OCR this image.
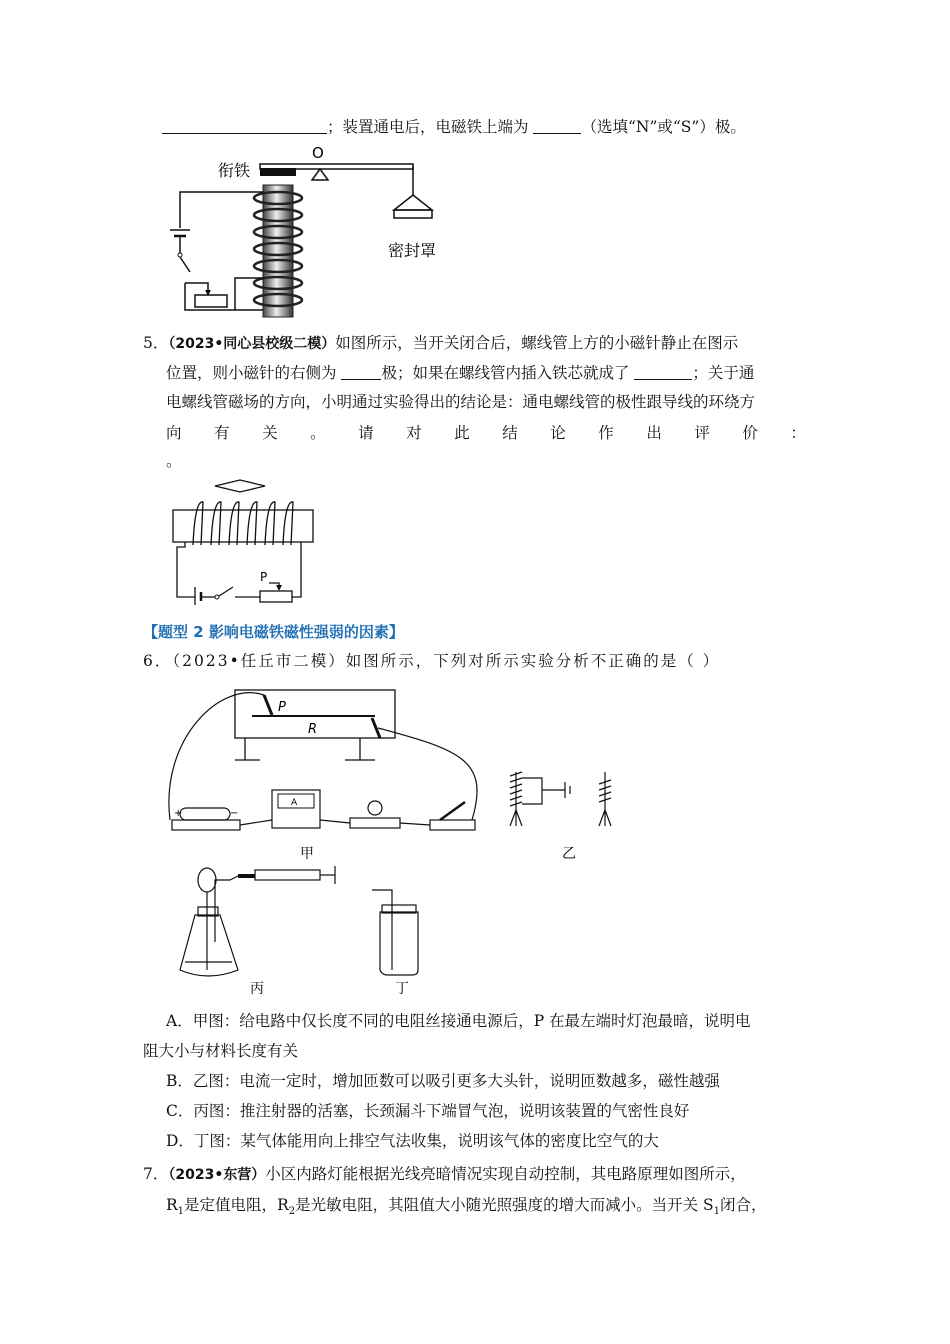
；装置通电后，电磁铁上端为	（选填“N”或“S”）极。
衔铁
O
密封罩
5．（2023•同心县校级二模）如图所示，当开关闭合后，螺线管上方的小磁针静止在图示
位置，则小磁针的右侧为	极；如果在螺线管内插入铁芯就成了	；关于通
电螺线管磁场的方向，小明通过实验得出的结论是：通电螺线管的极性跟导线的环绕方
向 有 关 。 请 对 此 结 论 作 出 评 价 ：
。
P
【题型 2 影响电磁铁磁性强弱的因素】
6．（2023•任丘市二模）如图所示，下列对所示实验分析不正确的是（ ）
P
R
+	−
A
甲	乙
丙	丁
A．甲图：给电路中仅长度不同的电阻丝接通电源后，P 在最左端时灯泡最暗，说明电
阻大小与材料长度有关
B．乙图：电流一定时，增加匝数可以吸引更多大头针，说明匝数越多，磁性越强
C．丙图：推注射器的活塞，长颈漏斗下端冒气泡，说明该装置的气密性良好
D．丁图：某气体能用向上排空气法收集，说明该气体的密度比空气的大
7．（2023•东营）小区内路灯能根据光线亮暗情况实现自动控制，其电路原理如图所示，
$R_1$是定值电阻，$R_2$是光敏电阻，其阻值大小随光照强度的增大而减小。当开关 $S_1$闭合，
